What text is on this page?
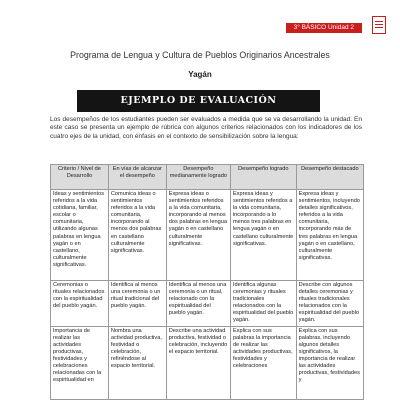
3° BÁSICO Unidad 2

Programa de Lengua y Cultura de Pueblos Originarios Ancestrales

Yagán

EJEMPLO DE EVALUACIÓN

Los desempeños de los estudiantes pueden ser evaluados a medida que se va desarrollando la unidad. En este caso se presenta un ejemplo de rúbrica con algunos criterios relacionados con los indicadores de los cuatro ejes de la unidad, con énfasis en el contexto de sensibilización sobre la lengua:

Criterio / Nivel de Desarrollo	En vías de alcanzar el desempeño	Desempeño medianamente logrado	Desempeño logrado	Desempeño destacado
Ideas y sentimientos referidos a la vida cotidiana, familiar, escolar o comunitaria, utilizando algunas palabras en lengua yagán o en castellano, culturalmente significativas.	Comunica ideas o sentimientos referidos a la vida comunitaria, incorporando al menos dos palabras en castellano culturalmente significativas.	Expresa ideas o sentimientos referidos a la vida comunitaria, incorporando al menos dos palabras en lengua yagán o en castellano culturalmente significativas.	Expresa ideas y sentimientos referidos a la vida comunitaria, incorporando a lo menos tres palabras en lengua yagán o en castellano culturalmente significativas.	Expresa ideas y sentimientos, incluyendo detalles significativos, referidos a la vida comunitaria, incorporando más de tres palabras en lengua yagán o en castellano, culturalmente significativas.
Ceremonias o rituales relacionados con la espiritualidad del pueblo yagán.	Identifica al menos una ceremonia o un ritual tradicional del pueblo yagán.	Identifica al menos una ceremonia o un ritual, relacionado con la espiritualidad del pueblo yagán.	Identifica algunas ceremonias y rituales tradicionales relacionados con la espiritualidad del pueblo yagán.	Describe con algunos detalles ceremonias y rituales tradicionales relacionados con la espiritualidad del pueblo yagán.
Importancia de realizar las actividades productivas, festividades y celebraciones relacionadas con la espiritualidad en	Nombra una actividad productiva, festividad o celebración, refiriéndose al espacio territorial.	Describe una actividad productiva, festividad o celebración, incluyendo el espacio territorial.	Explica con sus palabras la importancia de realizar las actividades productivas, festividades y celebraciones	Explica con sus palabras, incluyendo algunos detalles significativos, la importancia de realizar las actividades productivas, festividades y
